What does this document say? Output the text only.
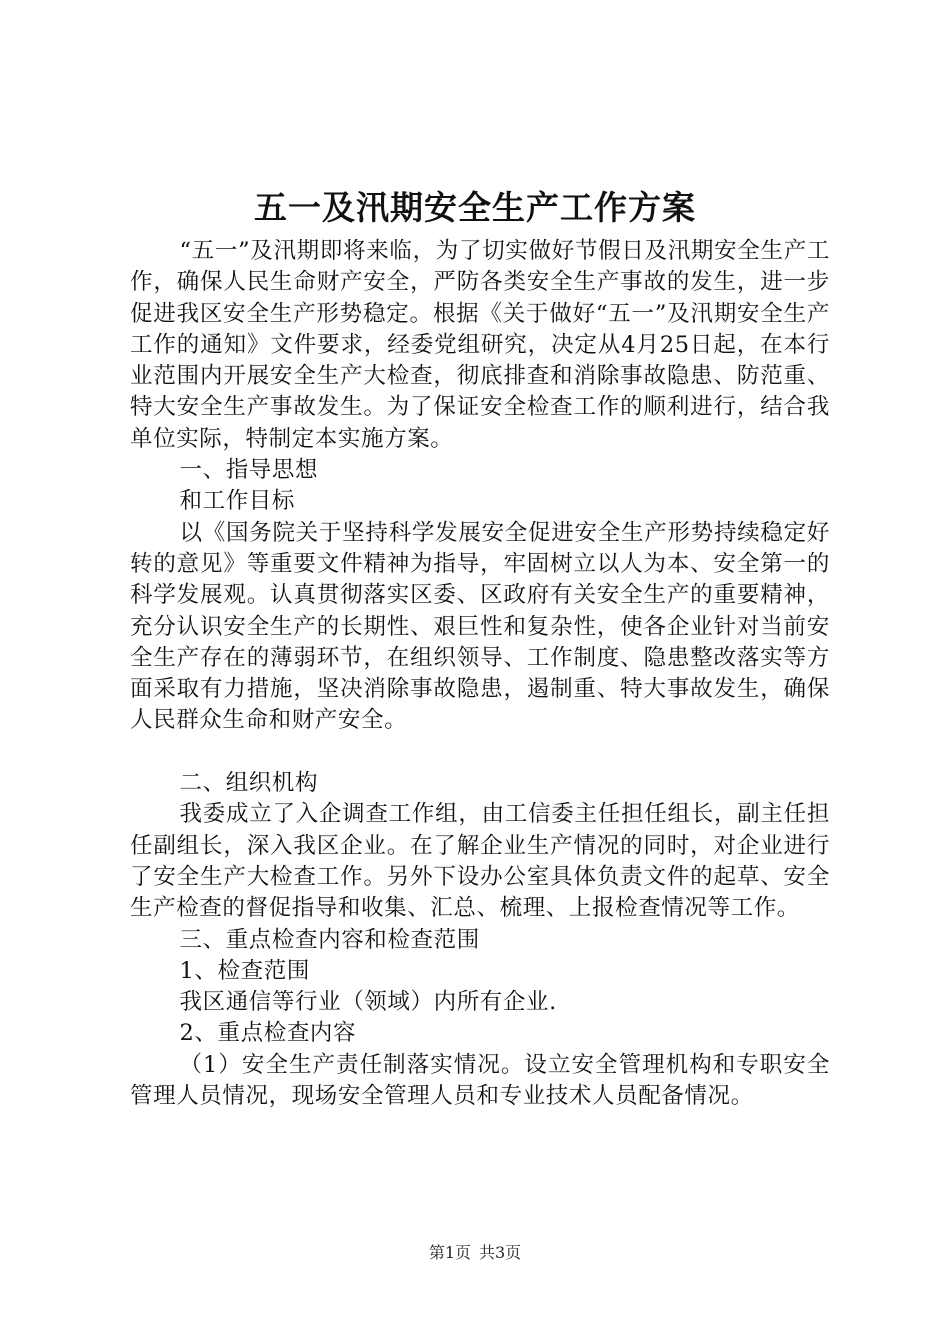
五一及汛期安全生产工作方案

“五一”及汛期即将来临，为了切实做好节假日及汛期安全生产工作，确保人民生命财产安全，严防各类安全生产事故的发生，进一步促进我区安全生产形势稳定。根据《关于做好“五一”及汛期安全生产工作的通知》文件要求，经委党组研究，决定从4月25日起，在本行业范围内开展安全生产大检查，彻底排查和消除事故隐患、防范重、特大安全生产事故发生。为了保证安全检查工作的顺利进行，结合我单位实际，特制定本实施方案。

一、指导思想

和工作目标

以《国务院关于坚持科学发展安全促进安全生产形势持续稳定好转的意见》等重要文件精神为指导，牢固树立以人为本、安全第一的科学发展观。认真贯彻落实区委、区政府有关安全生产的重要精神，充分认识安全生产的长期性、艰巨性和复杂性，使各企业针对当前安全生产存在的薄弱环节，在组织领导、工作制度、隐患整改落实等方面采取有力措施，坚决消除事故隐患，遏制重、特大事故发生，确保人民群众生命和财产安全。

二、组织机构

我委成立了入企调查工作组，由工信委主任担任组长，副主任担任副组长，深入我区企业。在了解企业生产情况的同时，对企业进行了安全生产大检查工作。另外下设办公室具体负责文件的起草、安全生产检查的督促指导和收集、汇总、梳理、上报检查情况等工作。

三、重点检查内容和检查范围

1、检查范围

我区通信等行业（领域）内所有企业.

2、重点检查内容

（1）安全生产责任制落实情况。设立安全管理机构和专职安全管理人员情况，现场安全管理人员和专业技术人员配备情况。

第1页 共3页
